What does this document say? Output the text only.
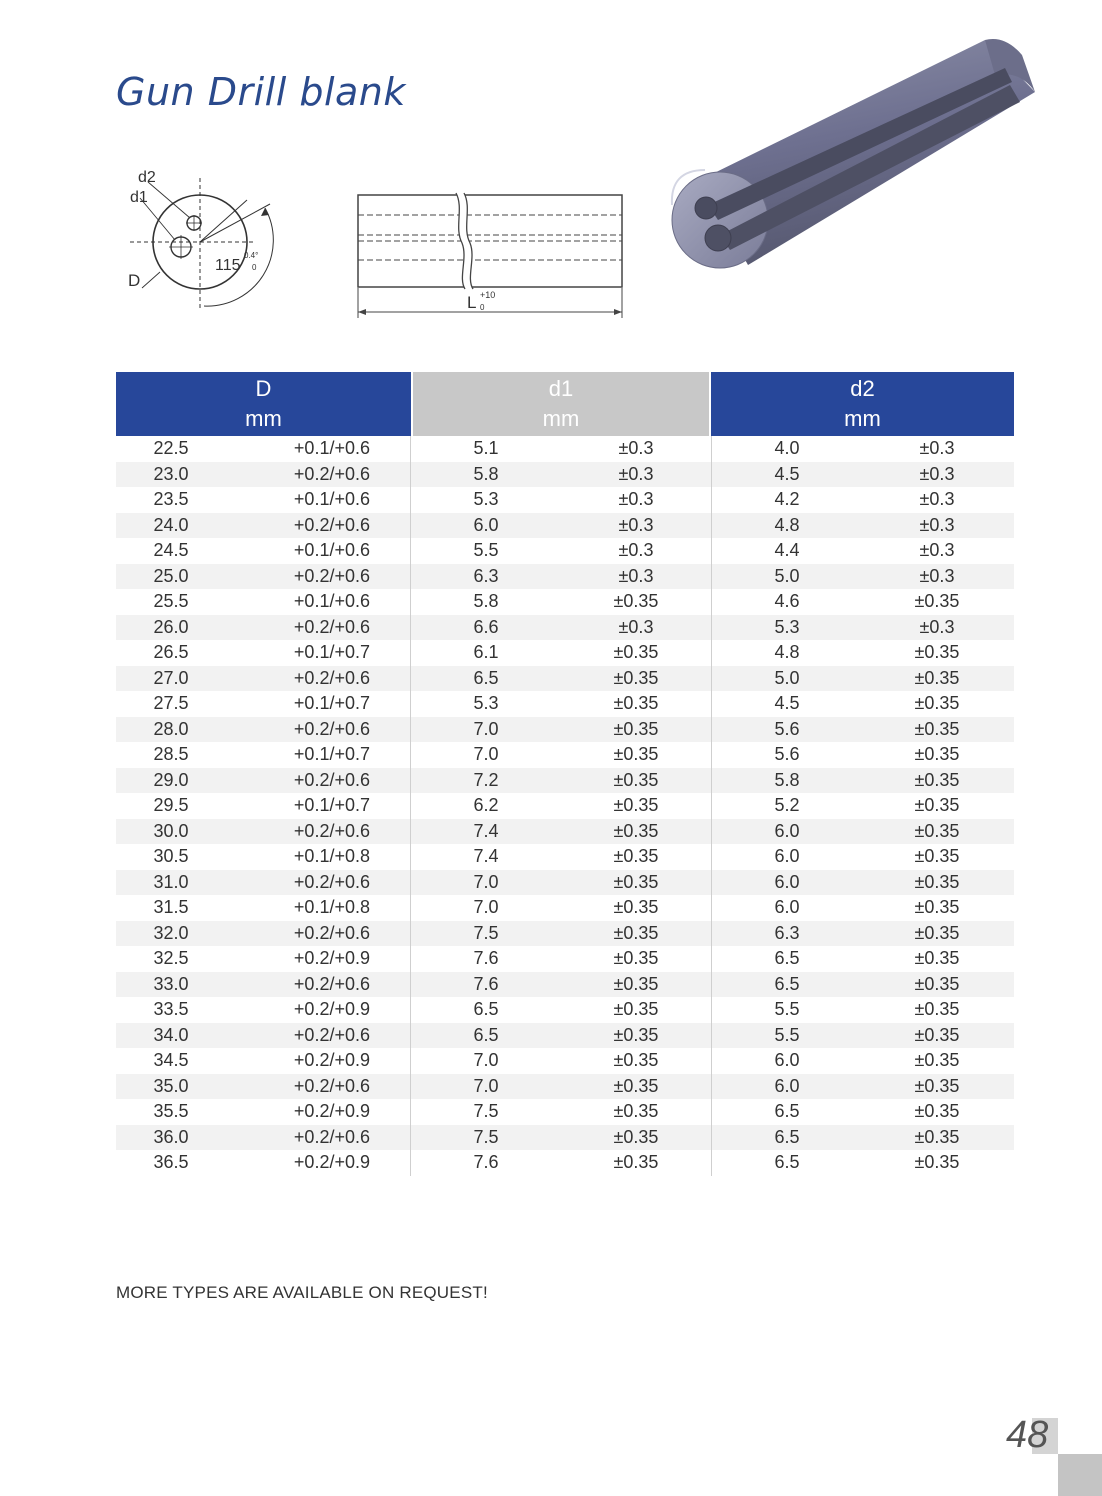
Gun Drill blank
d2
d1
D
115
0.4°
0
L +10
0
D
mm
d1
mm
d2
mm
22.5	+0.1/+0.6	5.1	±0.3	4.0	±0.3
23.0	+0.2/+0.6	5.8	±0.3	4.5	±0.3
23.5	+0.1/+0.6	5.3	±0.3	4.2	±0.3
24.0	+0.2/+0.6	6.0	±0.3	4.8	±0.3
24.5	+0.1/+0.6	5.5	±0.3	4.4	±0.3
25.0	+0.2/+0.6	6.3	±0.3	5.0	±0.3
25.5	+0.1/+0.6	5.8	±0.35	4.6	±0.35
26.0	+0.2/+0.6	6.6	±0.3	5.3	±0.3
26.5	+0.1/+0.7	6.1	±0.35	4.8	±0.35
27.0	+0.2/+0.6	6.5	±0.35	5.0	±0.35
27.5	+0.1/+0.7	5.3	±0.35	4.5	±0.35
28.0	+0.2/+0.6	7.0	±0.35	5.6	±0.35
28.5	+0.1/+0.7	7.0	±0.35	5.6	±0.35
29.0	+0.2/+0.6	7.2	±0.35	5.8	±0.35
29.5	+0.1/+0.7	6.2	±0.35	5.2	±0.35
30.0	+0.2/+0.6	7.4	±0.35	6.0	±0.35
30.5	+0.1/+0.8	7.4	±0.35	6.0	±0.35
31.0	+0.2/+0.6	7.0	±0.35	6.0	±0.35
31.5	+0.1/+0.8	7.0	±0.35	6.0	±0.35
32.0	+0.2/+0.6	7.5	±0.35	6.3	±0.35
32.5	+0.2/+0.9	7.6	±0.35	6.5	±0.35
33.0	+0.2/+0.6	7.6	±0.35	6.5	±0.35
33.5	+0.2/+0.9	6.5	±0.35	5.5	±0.35
34.0	+0.2/+0.6	6.5	±0.35	5.5	±0.35
34.5	+0.2/+0.9	7.0	±0.35	6.0	±0.35
35.0	+0.2/+0.6	7.0	±0.35	6.0	±0.35
35.5	+0.2/+0.9	7.5	±0.35	6.5	±0.35
36.0	+0.2/+0.6	7.5	±0.35	6.5	±0.35
36.5	+0.2/+0.9	7.6	±0.35	6.5	±0.35
MORE TYPES ARE AVAILABLE ON REQUEST!
48
